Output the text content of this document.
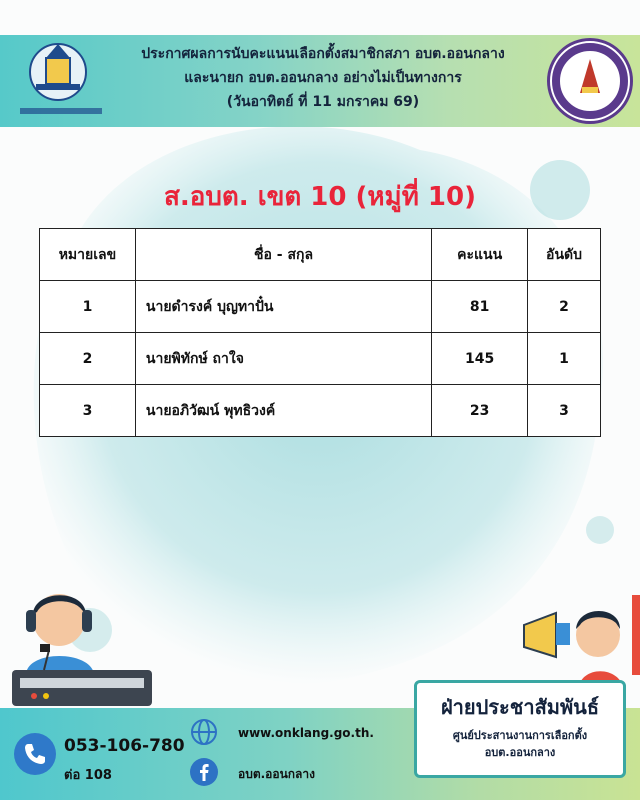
ประกาศผลการนับคะแนนเลือกตั้งสมาชิกสภา อบต.ออนกลาง
และนายก อบต.ออนกลาง อย่างไม่เป็นทางการ
(วันอาทิตย์ ที่ 11 มกราคม 69)
ส.อบต. เขต 10 (หมู่ที่ 10)
หมายเลข	ชื่อ - สกุล	คะแนน	อันดับ
1	นายดำรงค์ บุญทาปั๋น	81	2
2	นายพิทักษ์ ถาใจ	145	1
3	นายอภิวัฒน์ พุทธิวงค์	23	3
053-106-780
ต่อ 108
www.onklang.go.th.
อบต.ออนกลาง
ฝ่ายประชาสัมพันธ์
ศูนย์ประสานงานการเลือกตั้ง
อบต.ออนกลาง
